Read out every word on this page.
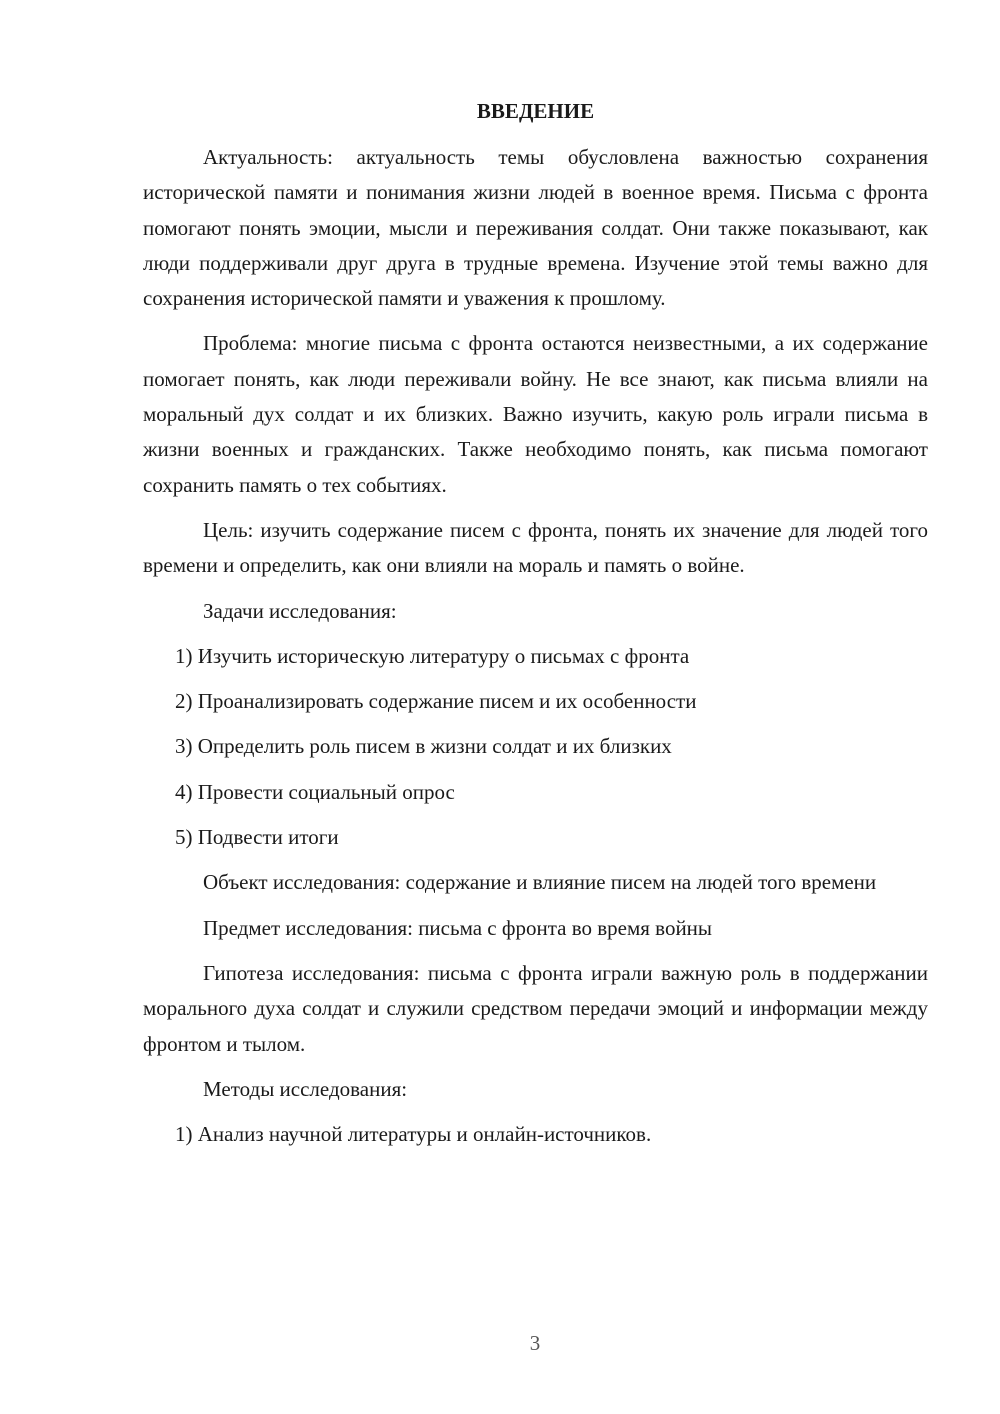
ВВЕДЕНИЕ

Актуальность: актуальность темы обусловлена важностью сохранения исторической памяти и понимания жизни людей в военное время. Письма с фронта помогают понять эмоции, мысли и переживания солдат. Они также показывают, как люди поддерживали друг друга в трудные времена. Изучение этой темы важно для сохранения исторической памяти и уважения к прошлому.

Проблема: многие письма с фронта остаются неизвестными, а их содержание помогает понять, как люди переживали войну. Не все знают, как письма влияли на моральный дух солдат и их близких. Важно изучить, какую роль играли письма в жизни военных и гражданских. Также необходимо понять, как письма помогают сохранить память о тех событиях.

Цель: изучить содержание писем с фронта, понять их значение для людей того времени и определить, как они влияли на мораль и память о войне.

Задачи исследования:
1) Изучить историческую литературу о письмах с фронта
2) Проанализировать содержание писем и их особенности
3) Определить роль писем в жизни солдат и их близких
4) Провести социальный опрос
5) Подвести итоги

Объект исследования: содержание и влияние писем на людей того времени

Предмет исследования: письма с фронта во время войны

Гипотеза исследования: письма с фронта играли важную роль в поддержании морального духа солдат и служили средством передачи эмоций и информации между фронтом и тылом.

Методы исследования:
1) Анализ научной литературы и онлайн-источников.
3
